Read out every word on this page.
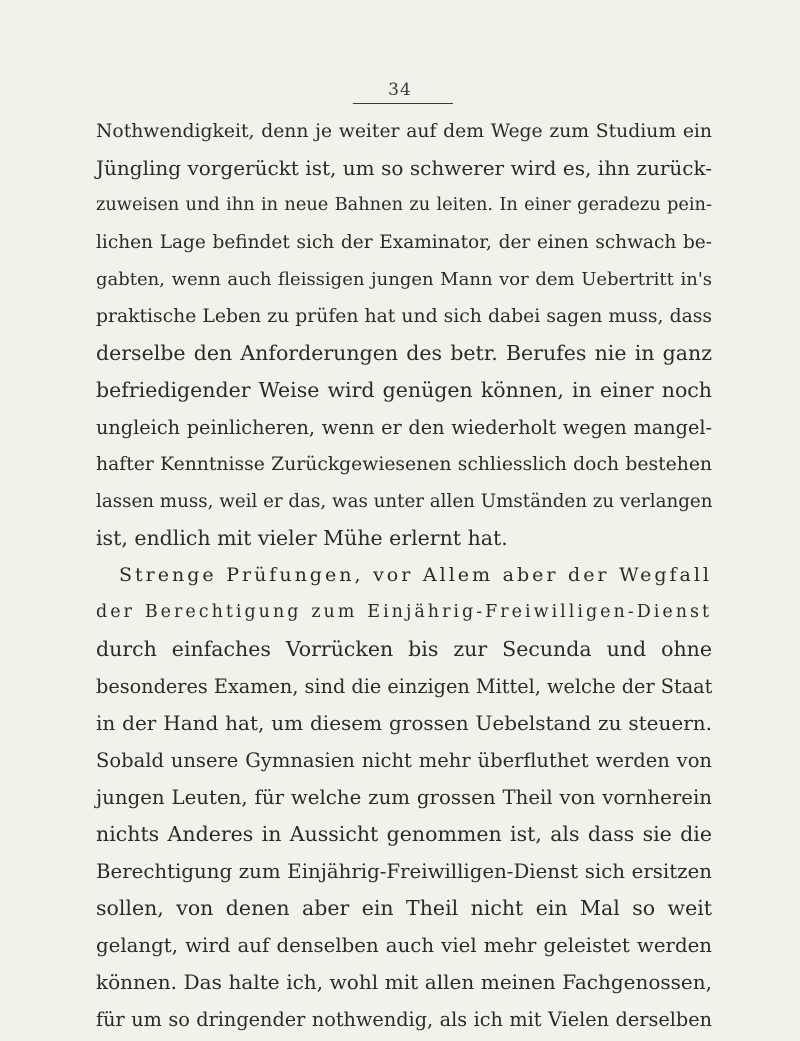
34
Nothwendigkeit, denn je weiter auf dem Wege zum Studium ein
Jüngling vorgerückt ist, um so schwerer wird es, ihn zurück-
zuweisen und ihn in neue Bahnen zu leiten. In einer geradezu pein-
lichen Lage befindet sich der Examinator, der einen schwach be-
gabten, wenn auch fleissigen jungen Mann vor dem Uebertritt in's
praktische Leben zu prüfen hat und sich dabei sagen muss, dass
derselbe den Anforderungen des betr. Berufes nie in ganz
befriedigender Weise wird genügen können, in einer noch
ungleich peinlicheren, wenn er den wiederholt wegen mangel-
hafter Kenntnisse Zurückgewiesenen schliesslich doch bestehen
lassen muss, weil er das, was unter allen Umständen zu verlangen
ist, endlich mit vieler Mühe erlernt hat.
Strenge Prüfungen, vor Allem aber der Wegfall
der Berechtigung zum Einjährig-Freiwilligen-Dienst
durch einfaches Vorrücken bis zur Secunda und ohne
besonderes Examen, sind die einzigen Mittel, welche der Staat
in der Hand hat, um diesem grossen Uebelstand zu steuern.
Sobald unsere Gymnasien nicht mehr überfluthet werden von
jungen Leuten, für welche zum grossen Theil von vornherein
nichts Anderes in Aussicht genommen ist, als dass sie die
Berechtigung zum Einjährig-Freiwilligen-Dienst sich ersitzen
sollen, von denen aber ein Theil nicht ein Mal so weit
gelangt, wird auf denselben auch viel mehr geleistet werden
können. Das halte ich, wohl mit allen meinen Fachgenossen,
für um so dringender nothwendig, als ich mit Vielen derselben
